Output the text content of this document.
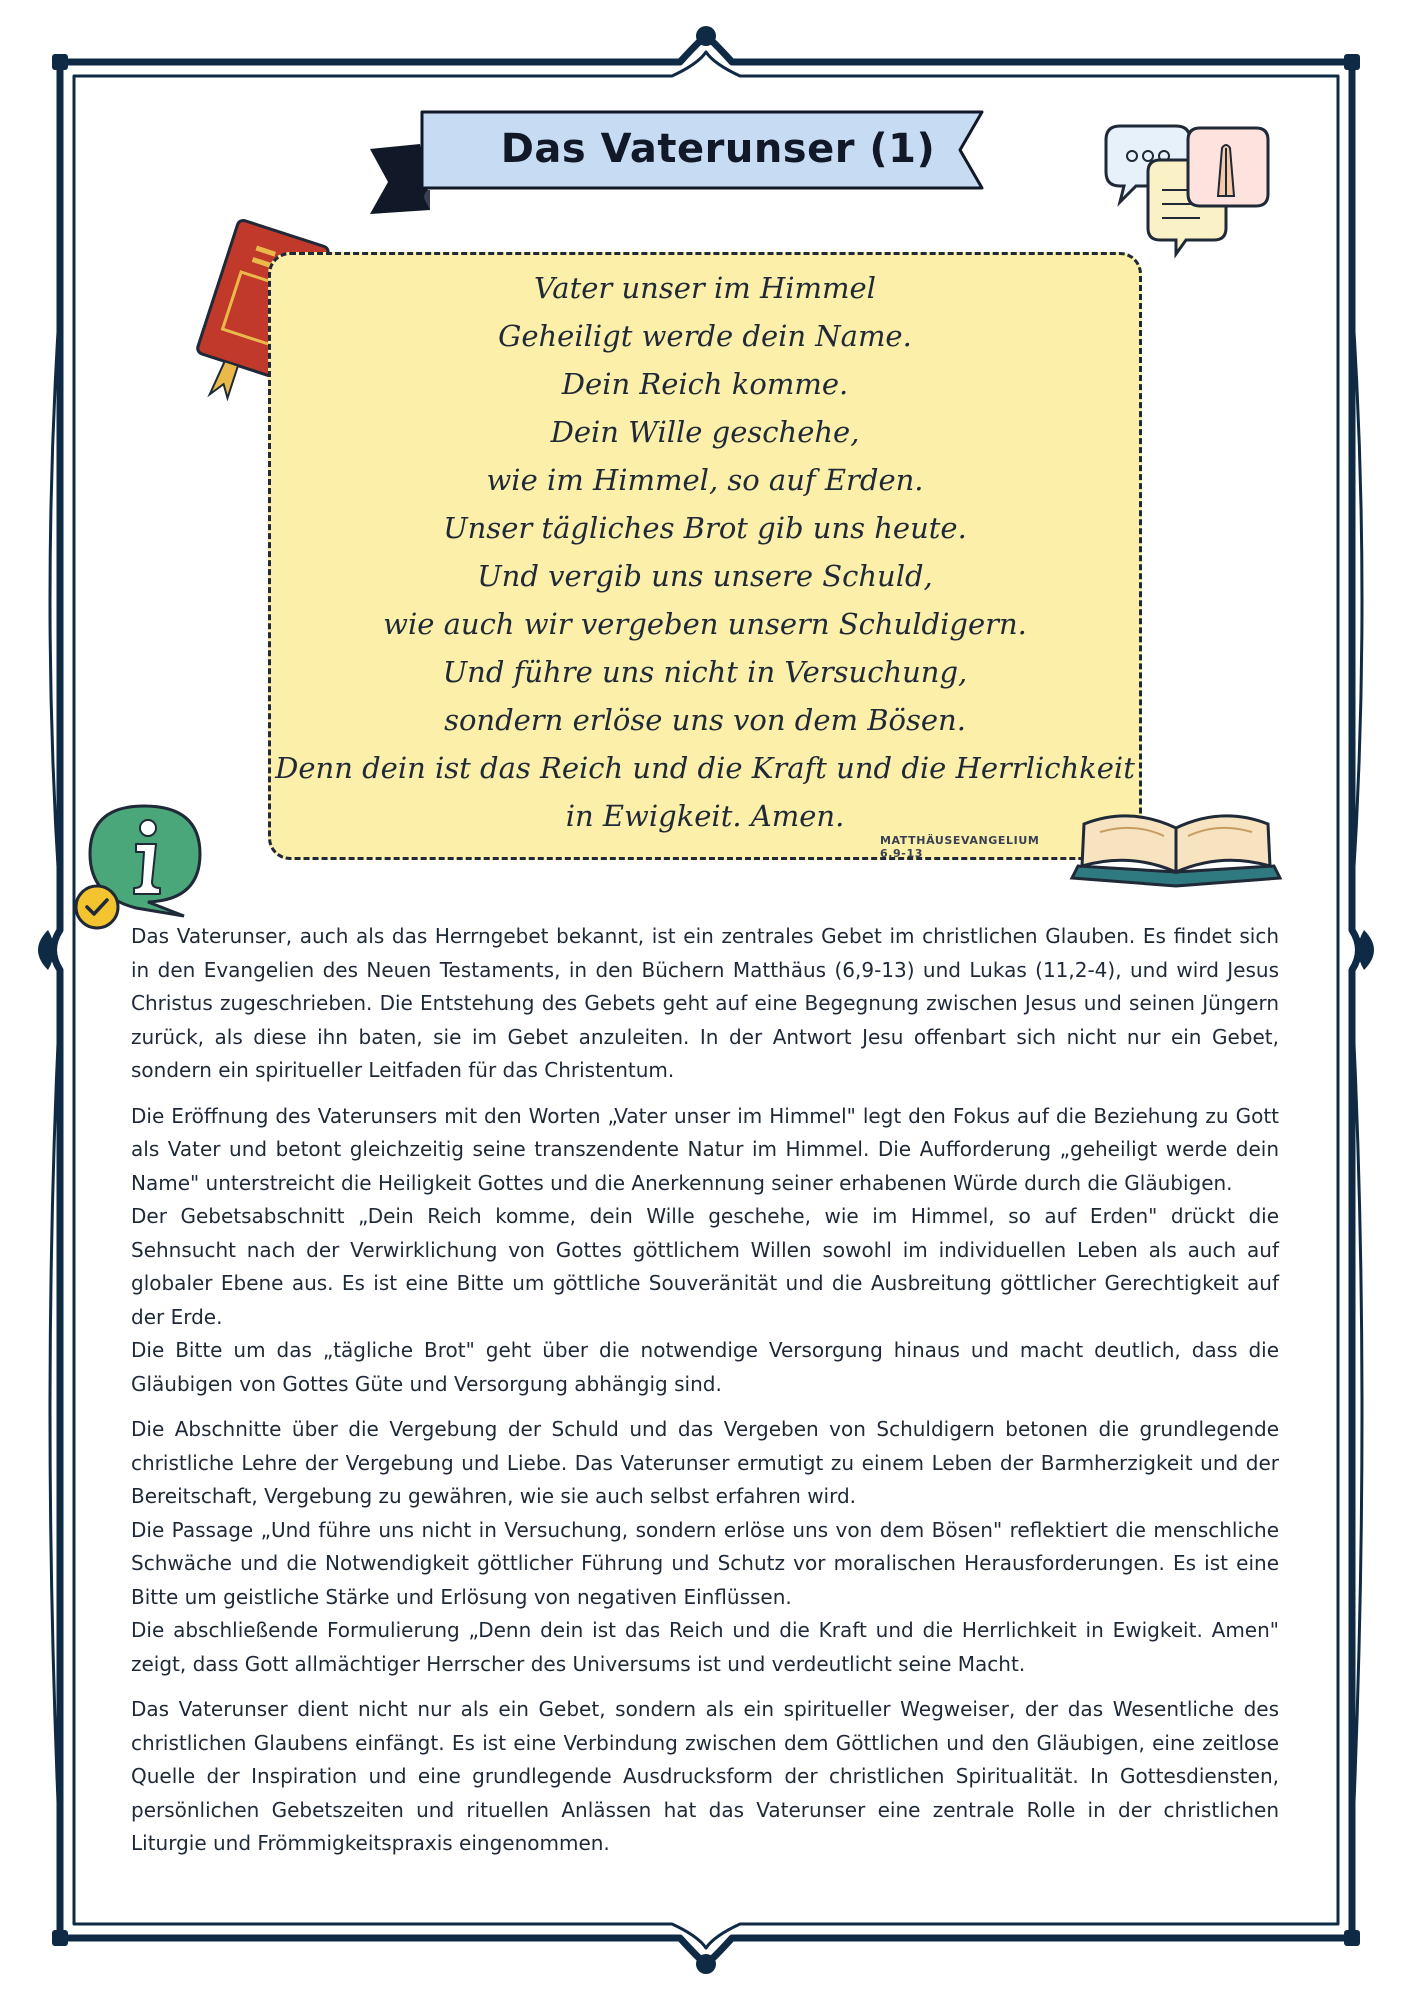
Das Vaterunser (1)
Vater unser im Himmel
Geheiligt werde dein Name.
Dein Reich komme.
Dein Wille geschehe,
wie im Himmel, so auf Erden.
Unser tägliches Brot gib uns heute.
Und vergib uns unsere Schuld,
wie auch wir vergeben unsern Schuldigern.
Und führe uns nicht in Versuchung,
sondern erlöse uns von dem Bösen.
Denn dein ist das Reich und die Kraft und die Herrlichkeit
in Ewigkeit. Amen.
MATTHÄUSEVANGELIUM 6,9-13

Das Vaterunser, auch als das Herrngebet bekannt, ist ein zentrales Gebet im christlichen Glauben. Es findet sich in den Evangelien des Neuen Testaments, in den Büchern Matthäus (6,9-13) und Lukas (11,2-4), und wird Jesus Christus zugeschrieben. Die Entstehung des Gebets geht auf eine Begegnung zwischen Jesus und seinen Jüngern zurück, als diese ihn baten, sie im Gebet anzuleiten. In der Antwort Jesu offenbart sich nicht nur ein Gebet, sondern ein spiritueller Leitfaden für das Christentum.

Die Eröffnung des Vaterunsers mit den Worten „Vater unser im Himmel" legt den Fokus auf die Beziehung zu Gott als Vater und betont gleichzeitig seine transzendente Natur im Himmel. Die Aufforderung „geheiligt werde dein Name" unterstreicht die Heiligkeit Gottes und die Anerkennung seiner erhabenen Würde durch die Gläubigen.

Der Gebetsabschnitt „Dein Reich komme, dein Wille geschehe, wie im Himmel, so auf Erden" drückt die Sehnsucht nach der Verwirklichung von Gottes göttlichem Willen sowohl im individuellen Leben als auch auf globaler Ebene aus. Es ist eine Bitte um göttliche Souveränität und die Ausbreitung göttlicher Gerechtigkeit auf der Erde.

Die Bitte um das „tägliche Brot" geht über die notwendige Versorgung hinaus und macht deutlich, dass die Gläubigen von Gottes Güte und Versorgung abhängig sind.

Die Abschnitte über die Vergebung der Schuld und das Vergeben von Schuldigern betonen die grundlegende christliche Lehre der Vergebung und Liebe. Das Vaterunser ermutigt zu einem Leben der Barmherzigkeit und der Bereitschaft, Vergebung zu gewähren, wie sie auch selbst erfahren wird.

Die Passage „Und führe uns nicht in Versuchung, sondern erlöse uns von dem Bösen" reflektiert die menschliche Schwäche und die Notwendigkeit göttlicher Führung und Schutz vor moralischen Herausforderungen. Es ist eine Bitte um geistliche Stärke und Erlösung von negativen Einflüssen.

Die abschließende Formulierung „Denn dein ist das Reich und die Kraft und die Herrlichkeit in Ewigkeit. Amen" zeigt, dass Gott allmächtiger Herrscher des Universums ist und verdeutlicht seine Macht.

Das Vaterunser dient nicht nur als ein Gebet, sondern als ein spiritueller Wegweiser, der das Wesentliche des christlichen Glaubens einfängt. Es ist eine Verbindung zwischen dem Göttlichen und den Gläubigen, eine zeitlose Quelle der Inspiration und eine grundlegende Ausdrucksform der christlichen Spiritualität. In Gottesdiensten, persönlichen Gebetszeiten und rituellen Anlässen hat das Vaterunser eine zentrale Rolle in der christlichen Liturgie und Frömmigkeitspraxis eingenommen.
